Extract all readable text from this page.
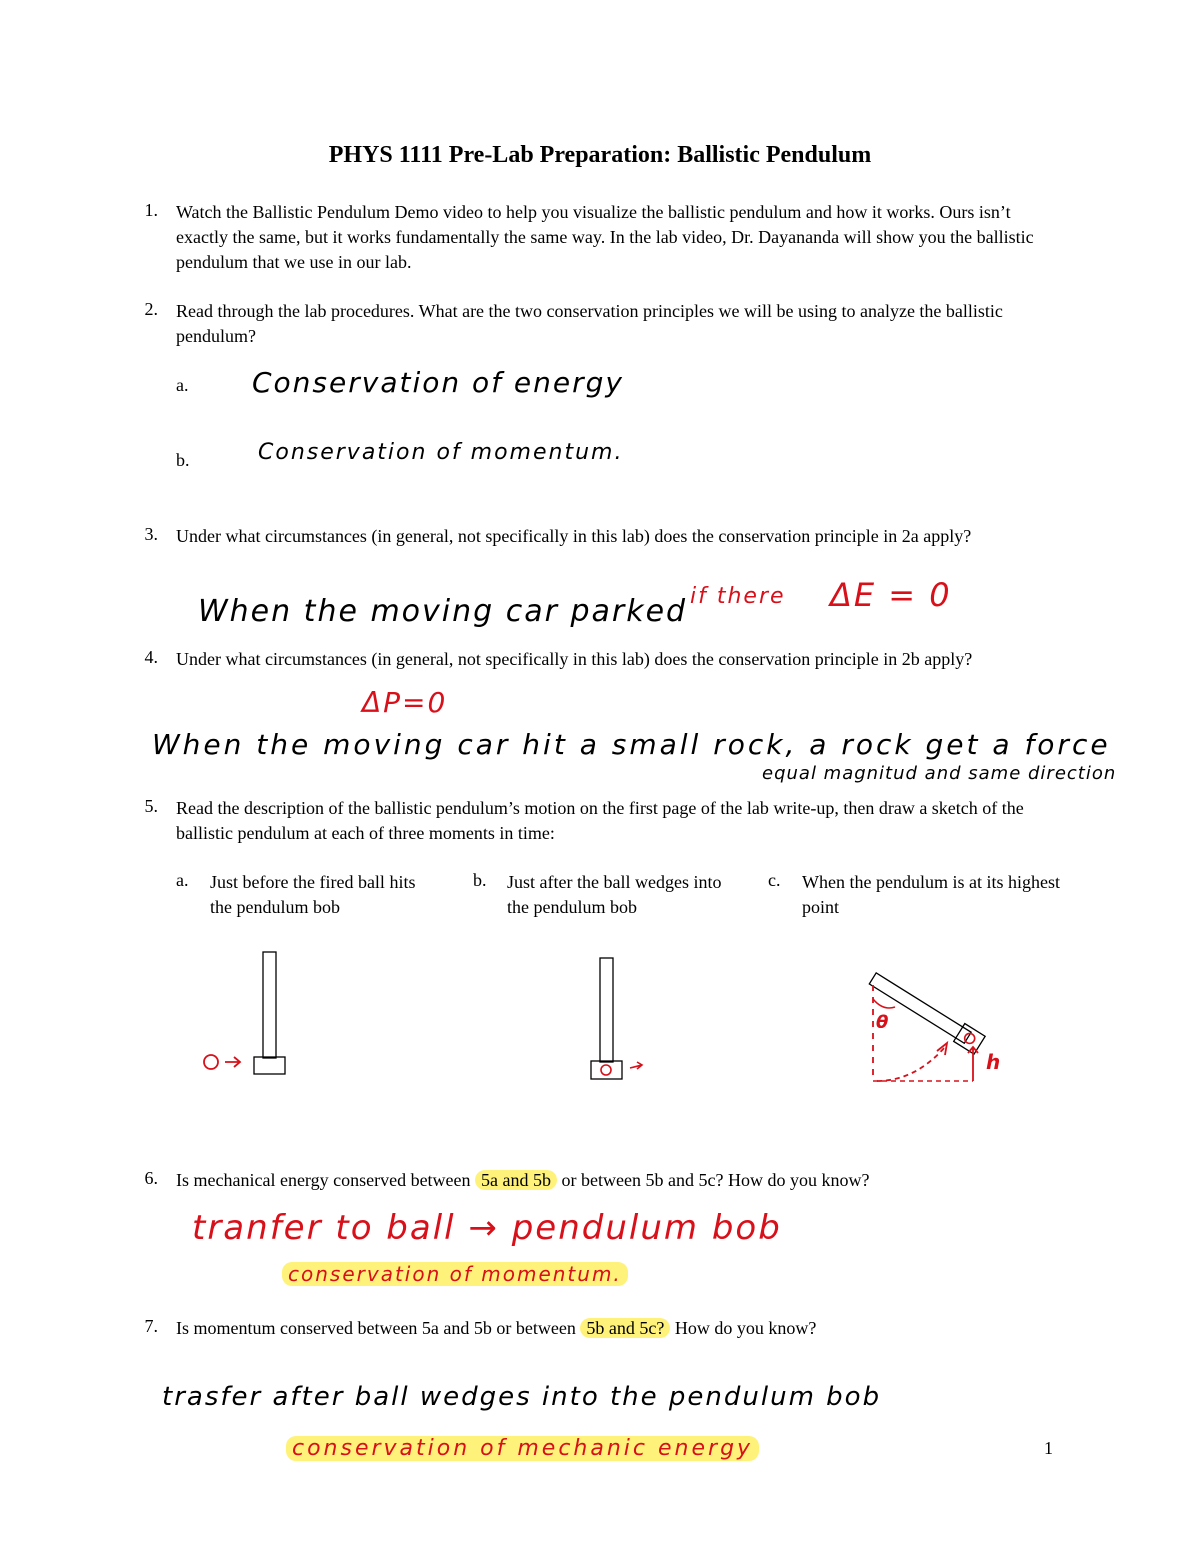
PHYS 1111 Pre-Lab Preparation: Ballistic Pendulum
1. Watch the Ballistic Pendulum Demo video to help you visualize the ballistic pendulum and how it works. Ours isn’t exactly the same, but it works fundamentally the same way. In the lab video, Dr. Dayananda will show you the ballistic pendulum that we use in our lab.
2. Read through the lab procedures. What are the two conservation principles we will be using to analyze the ballistic pendulum?
a. Conservation of energy
b.	Conservation of momentum.
3. Under what circumstances (in general, not specifically in this lab) does the conservation principle in 2a apply?
When the moving car parked if there ΔE = 0
4. Under what circumstances (in general, not specifically in this lab) does the conservation principle in 2b apply?
ΔP=0
When the moving car hit a small rock, a rock get a force
equal magnitud and same direction
5. Read the description of the ballistic pendulum’s motion on the first page of the lab write-up, then draw a sketch of the ballistic pendulum at each of three moments in time:
a. Just before the fired ball hits the pendulum bob
b. Just after the ball wedges into the pendulum bob
c. When the pendulum is at its highest point
θ
h
6. Is mechanical energy conserved between 5a and 5b or between 5b and 5c? How do you know?
tranfer to ball → pendulum bob
conservation of momentum.
7. Is momentum conserved between 5a and 5b or between 5b and 5c? How do you know?
trasfer after ball wedges into the pendulum bob
conservation of mechanic energy	1
